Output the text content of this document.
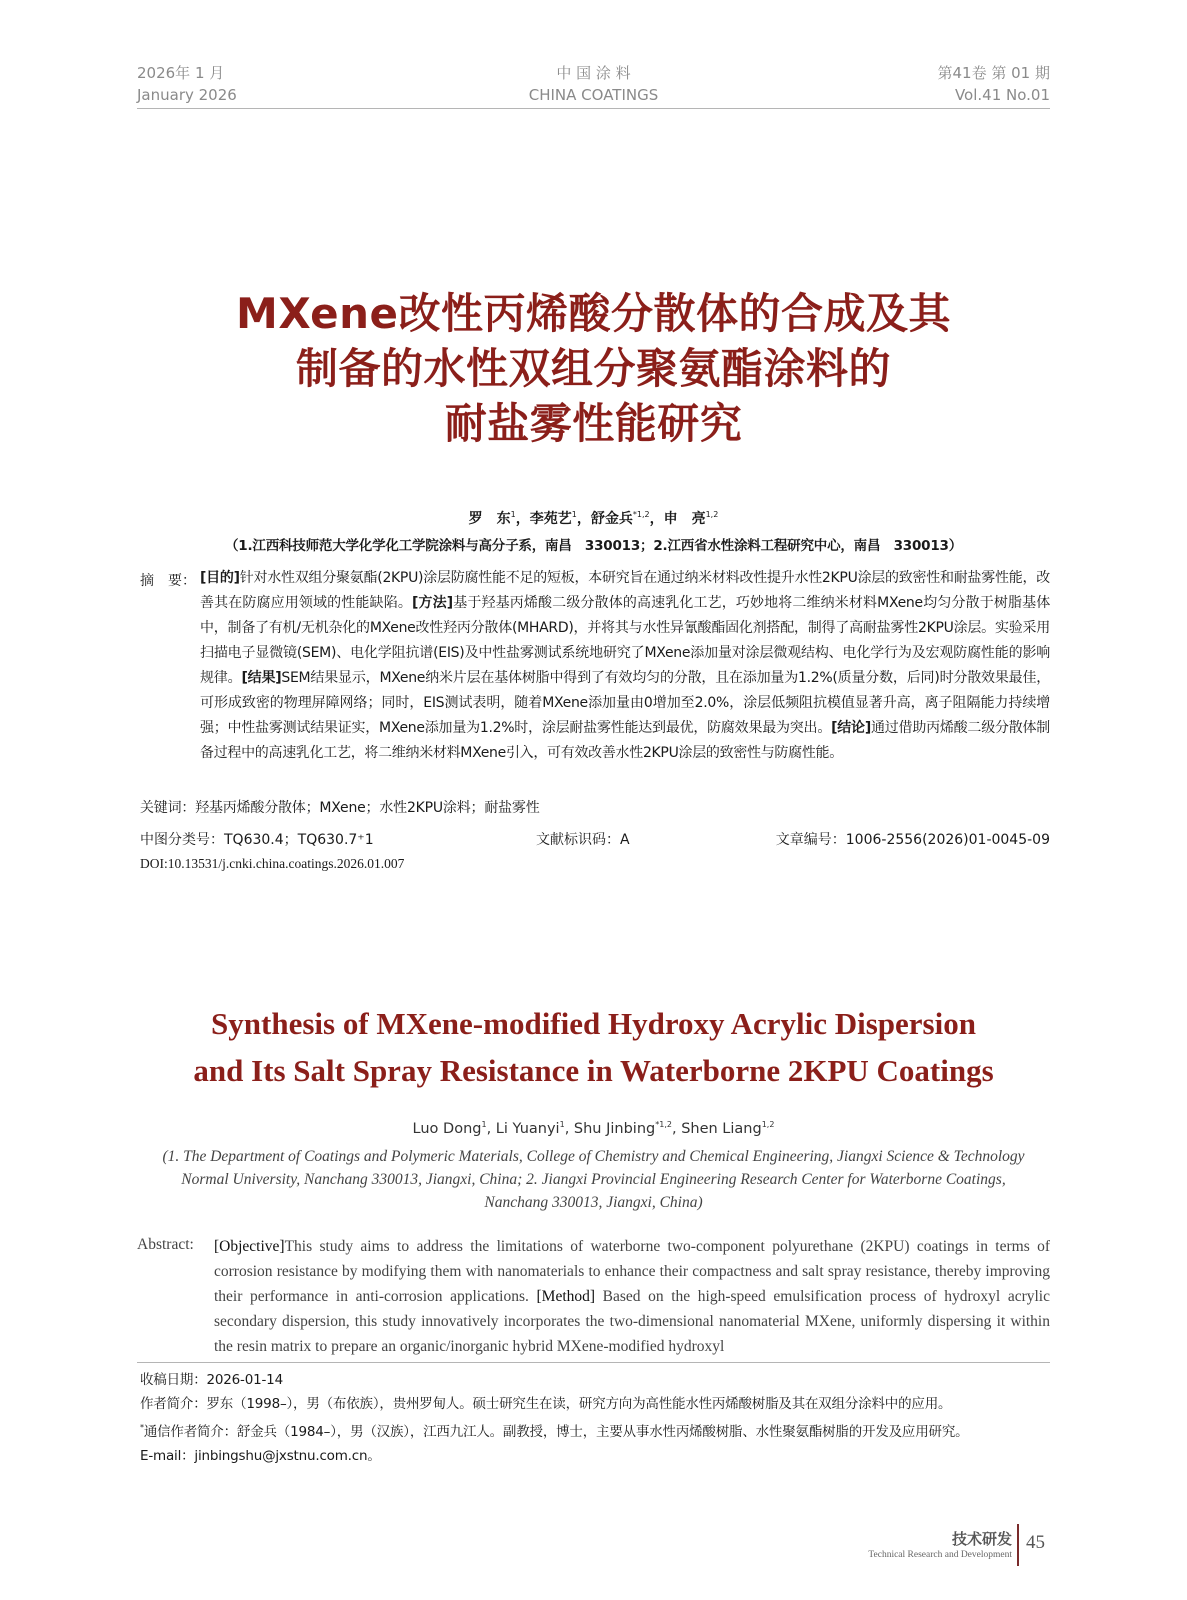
2026年 1 月
January 2026
中 国 涂 料
CHINA COATINGS
第41卷 第 01 期
Vol.41 No.01
MXene改性丙烯酸分散体的合成及其
制备的水性双组分聚氨酯涂料的
耐盐雾性能研究
罗　东$^1$，李苑艺$^1$，舒金兵$^{*1,2}$，申　亮$^{1,2}$
（1.江西科技师范大学化学化工学院涂料与高分子系，南昌　330013；2.江西省水性涂料工程研究中心，南昌　330013）
摘　要： [目的]针对水性双组分聚氨酯(2KPU)涂层防腐性能不足的短板，本研究旨在通过纳米材料改性提升水性2KPU涂层的致密性和耐盐雾性能，改善其在防腐应用领域的性能缺陷。[方法]基于羟基丙烯酸二级分散体的高速乳化工艺，巧妙地将二维纳米材料MXene均匀分散于树脂基体中，制备了有机/无机杂化的MXene改性羟丙分散体(MHARD)，并将其与水性异氰酸酯固化剂搭配，制得了高耐盐雾性2KPU涂层。实验采用扫描电子显微镜(SEM)、电化学阻抗谱(EIS)及中性盐雾测试系统地研究了MXene添加量对涂层微观结构、电化学行为及宏观防腐性能的影响规律。[结果]SEM结果显示，MXene纳米片层在基体树脂中得到了有效均匀的分散，且在添加量为1.2%(质量分数，后同)时分散效果最佳，可形成致密的物理屏障网络；同时，EIS测试表明，随着MXene添加量由0增加至2.0%，涂层低频阻抗模值显著升高，离子阻隔能力持续增强；中性盐雾测试结果证实，MXene添加量为1.2%时，涂层耐盐雾性能达到最优，防腐效果最为突出。[结论]通过借助丙烯酸二级分散体制备过程中的高速乳化工艺，将二维纳米材料MXene引入，可有效改善水性2KPU涂层的致密性与防腐性能。
关键词：羟基丙烯酸分散体；MXene；水性2KPU涂料；耐盐雾性
中图分类号：TQ630.4；TQ630.7⁺1	文献标识码：A	文章编号：1006-2556(2026)01-0045-09
DOI:10.13531/j.cnki.china.coatings.2026.01.007
Synthesis of MXene-modified Hydroxy Acrylic Dispersion
and Its Salt Spray Resistance in Waterborne 2KPU Coatings
Luo Dong$^1$, Li Yuanyi$^1$, Shu Jinbing$^{*1,2}$, Shen Liang$^{1,2}$
(1. The Department of Coatings and Polymeric Materials, College of Chemistry and Chemical Engineering, Jiangxi Science & Technology Normal University, Nanchang 330013, Jiangxi, China; 2. Jiangxi Provincial Engineering Research Center for Waterborne Coatings, Nanchang 330013, Jiangxi, China)
Abstract: [Objective]This study aims to address the limitations of waterborne two-component polyurethane (2KPU) coatings in terms of corrosion resistance by modifying them with nanomaterials to enhance their compactness and salt spray resistance, thereby improving their performance in anti-corrosion applications. [Method] Based on the high-speed emulsification process of hydroxyl acrylic secondary dispersion, this study innovatively incorporates the two-dimensional nanomaterial MXene, uniformly dispersing it within the resin matrix to prepare an organic/inorganic hybrid MXene-modified hydroxyl
收稿日期：2026-01-14
作者简介：罗东（1998–），男（布依族），贵州罗甸人。硕士研究生在读，研究方向为高性能水性丙烯酸树脂及其在双组分涂料中的应用。
*通信作者简介：舒金兵（1984–），男（汉族），江西九江人。副教授，博士，主要从事水性丙烯酸树脂、水性聚氨酯树脂的开发及应用研究。
E-mail：jinbingshu@jxstnu.com.cn。
技术研发
Technical Research and Development
45
